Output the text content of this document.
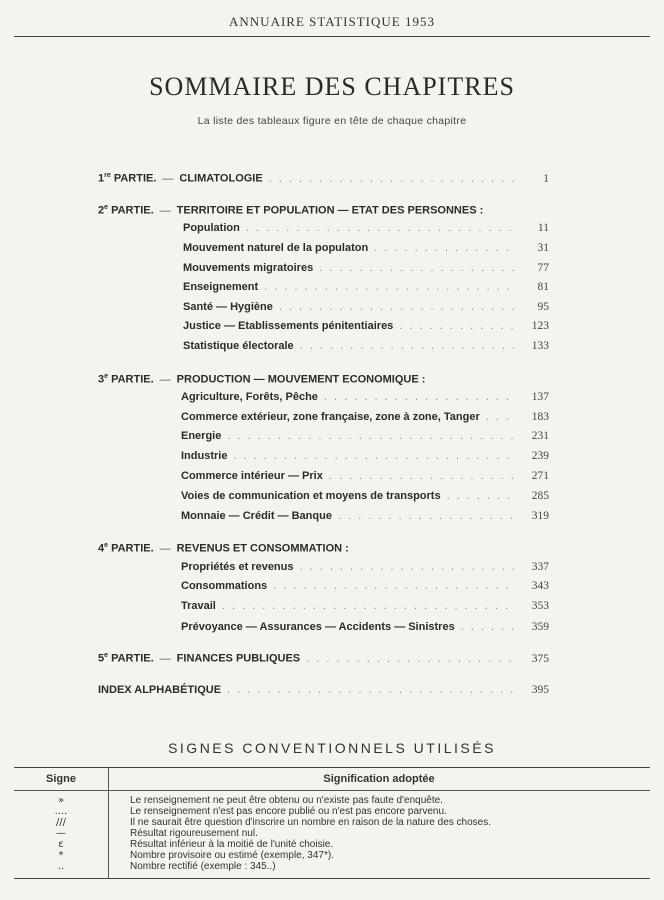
ANNUAIRE STATISTIQUE 1953
SOMMAIRE DES CHAPITRES
La liste des tableaux figure en tête de chaque chapitre
1re PARTIE. — CLIMATOLOGIE . . .	1
2e PARTIE. — TERRITOIRE ET POPULATION — ETAT DES PERSONNES :
Population . . .	11
Mouvement naturel de la populaton . . .	31
Mouvements migratoires . . .	77
Enseignement . . .	81
Santé — Hygiène . . .	95
Justice — Etablissements pénitentiaires . . .	123
Statistique électorale . . .	133
3e PARTIE. — PRODUCTION — MOUVEMENT ECONOMIQUE :
Agriculture, Forêts, Pêche . . .	137
Commerce extérieur, zone française, zone à zone, Tanger . . .	183
Energie . . .	231
Industrie . . .	239
Commerce intérieur — Prix . . .	271
Voies de communication et moyens de transports . . .	285
Monnaie — Crédit — Banque . . .	319
4e PARTIE. — REVENUS ET CONSOMMATION :
Propriétés et revenus . . .	337
Consommations . . .	343
Travail . . .	353
Prévoyance — Assurances — Accidents — Sinistres . . .	359
5e PARTIE. — FINANCES PUBLIQUES . . .	375
INDEX ALPHABÉTIQUE . . .	395
SIGNES CONVENTIONNELS UTILISÉS
Signe	Signification adoptée
»	Le renseignement ne peut être obtenu ou n'existe pas faute d'enquête.
....	Le renseignement n'est pas encore publié ou n'est pas encore parvenu.
///	Il ne saurait être question d'inscrire un nombre en raison de la nature des choses.
—	Résultat rigoureusement nul.
ε	Résultat inférieur à la moitié de l'unité choisie.
*	Nombre provisoire ou estimé (exemple, 347*).
..	Nombre rectifié (exemple : 345..)
